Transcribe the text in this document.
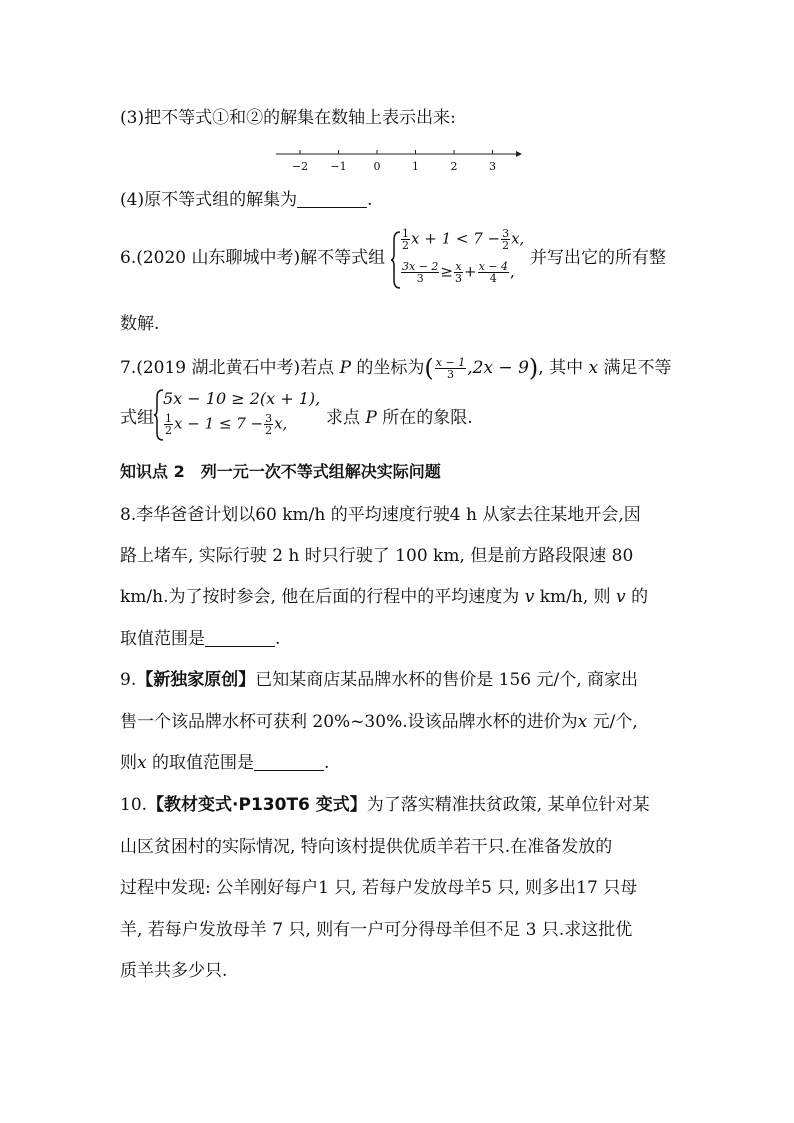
(3)把不等式①和②的解集在数轴上表示出来:
−2 −1 0	1	2	3
(4)原不等式组的解集为	.
6.(2020 山东聊城中考)解不等式组
$\frac{1}{2}$ $x + 1 < 7 - \frac{3}{2} x$,
$\frac{3x - 2}{3} \ge \frac{x}{3} + \frac{x - 4}{4}$ ,
并写出它的所有整
数解.
7.(2019 湖北黄石中考)若点 P 的坐标为( $\frac{x - 1}{3} ,2x - 9$), 其中 x 满足不等
式组
5x − 10 ≥ 2(x + 1),
$\frac{1}{2}$ $x - 1 \le 7 - \frac{3}{2} x$, 求点 P 所在的象限.
知识点 2　列一元一次不等式组解决实际问题
8.李华爸爸计划以60 km/h 的平均速度行驶4 h 从家去往某地开会,因
路上堵车, 实际行驶 2 h 时只行驶了 100 km, 但是前方路段限速 80
km/h.为了按时参会, 他在后面的行程中的平均速度为 v km/h, 则 v 的
取值范围是	.
9.【新独家原创】已知某商店某品牌水杯的售价是 156 元/个, 商家出
售一个该品牌水杯可获利 20%~30%.设该品牌水杯的进价为x 元/个,
则x 的取值范围是	.
10.【教材变式·P130T6 变式】为了落实精准扶贫政策, 某单位针对某
山区贫困村的实际情况, 特向该村提供优质羊若干只.在准备发放的
过程中发现: 公羊刚好每户1 只, 若每户发放母羊5 只, 则多出17 只母
羊, 若每户发放母羊 7 只, 则有一户可分得母羊但不足 3 只.求这批优
质羊共多少只.
